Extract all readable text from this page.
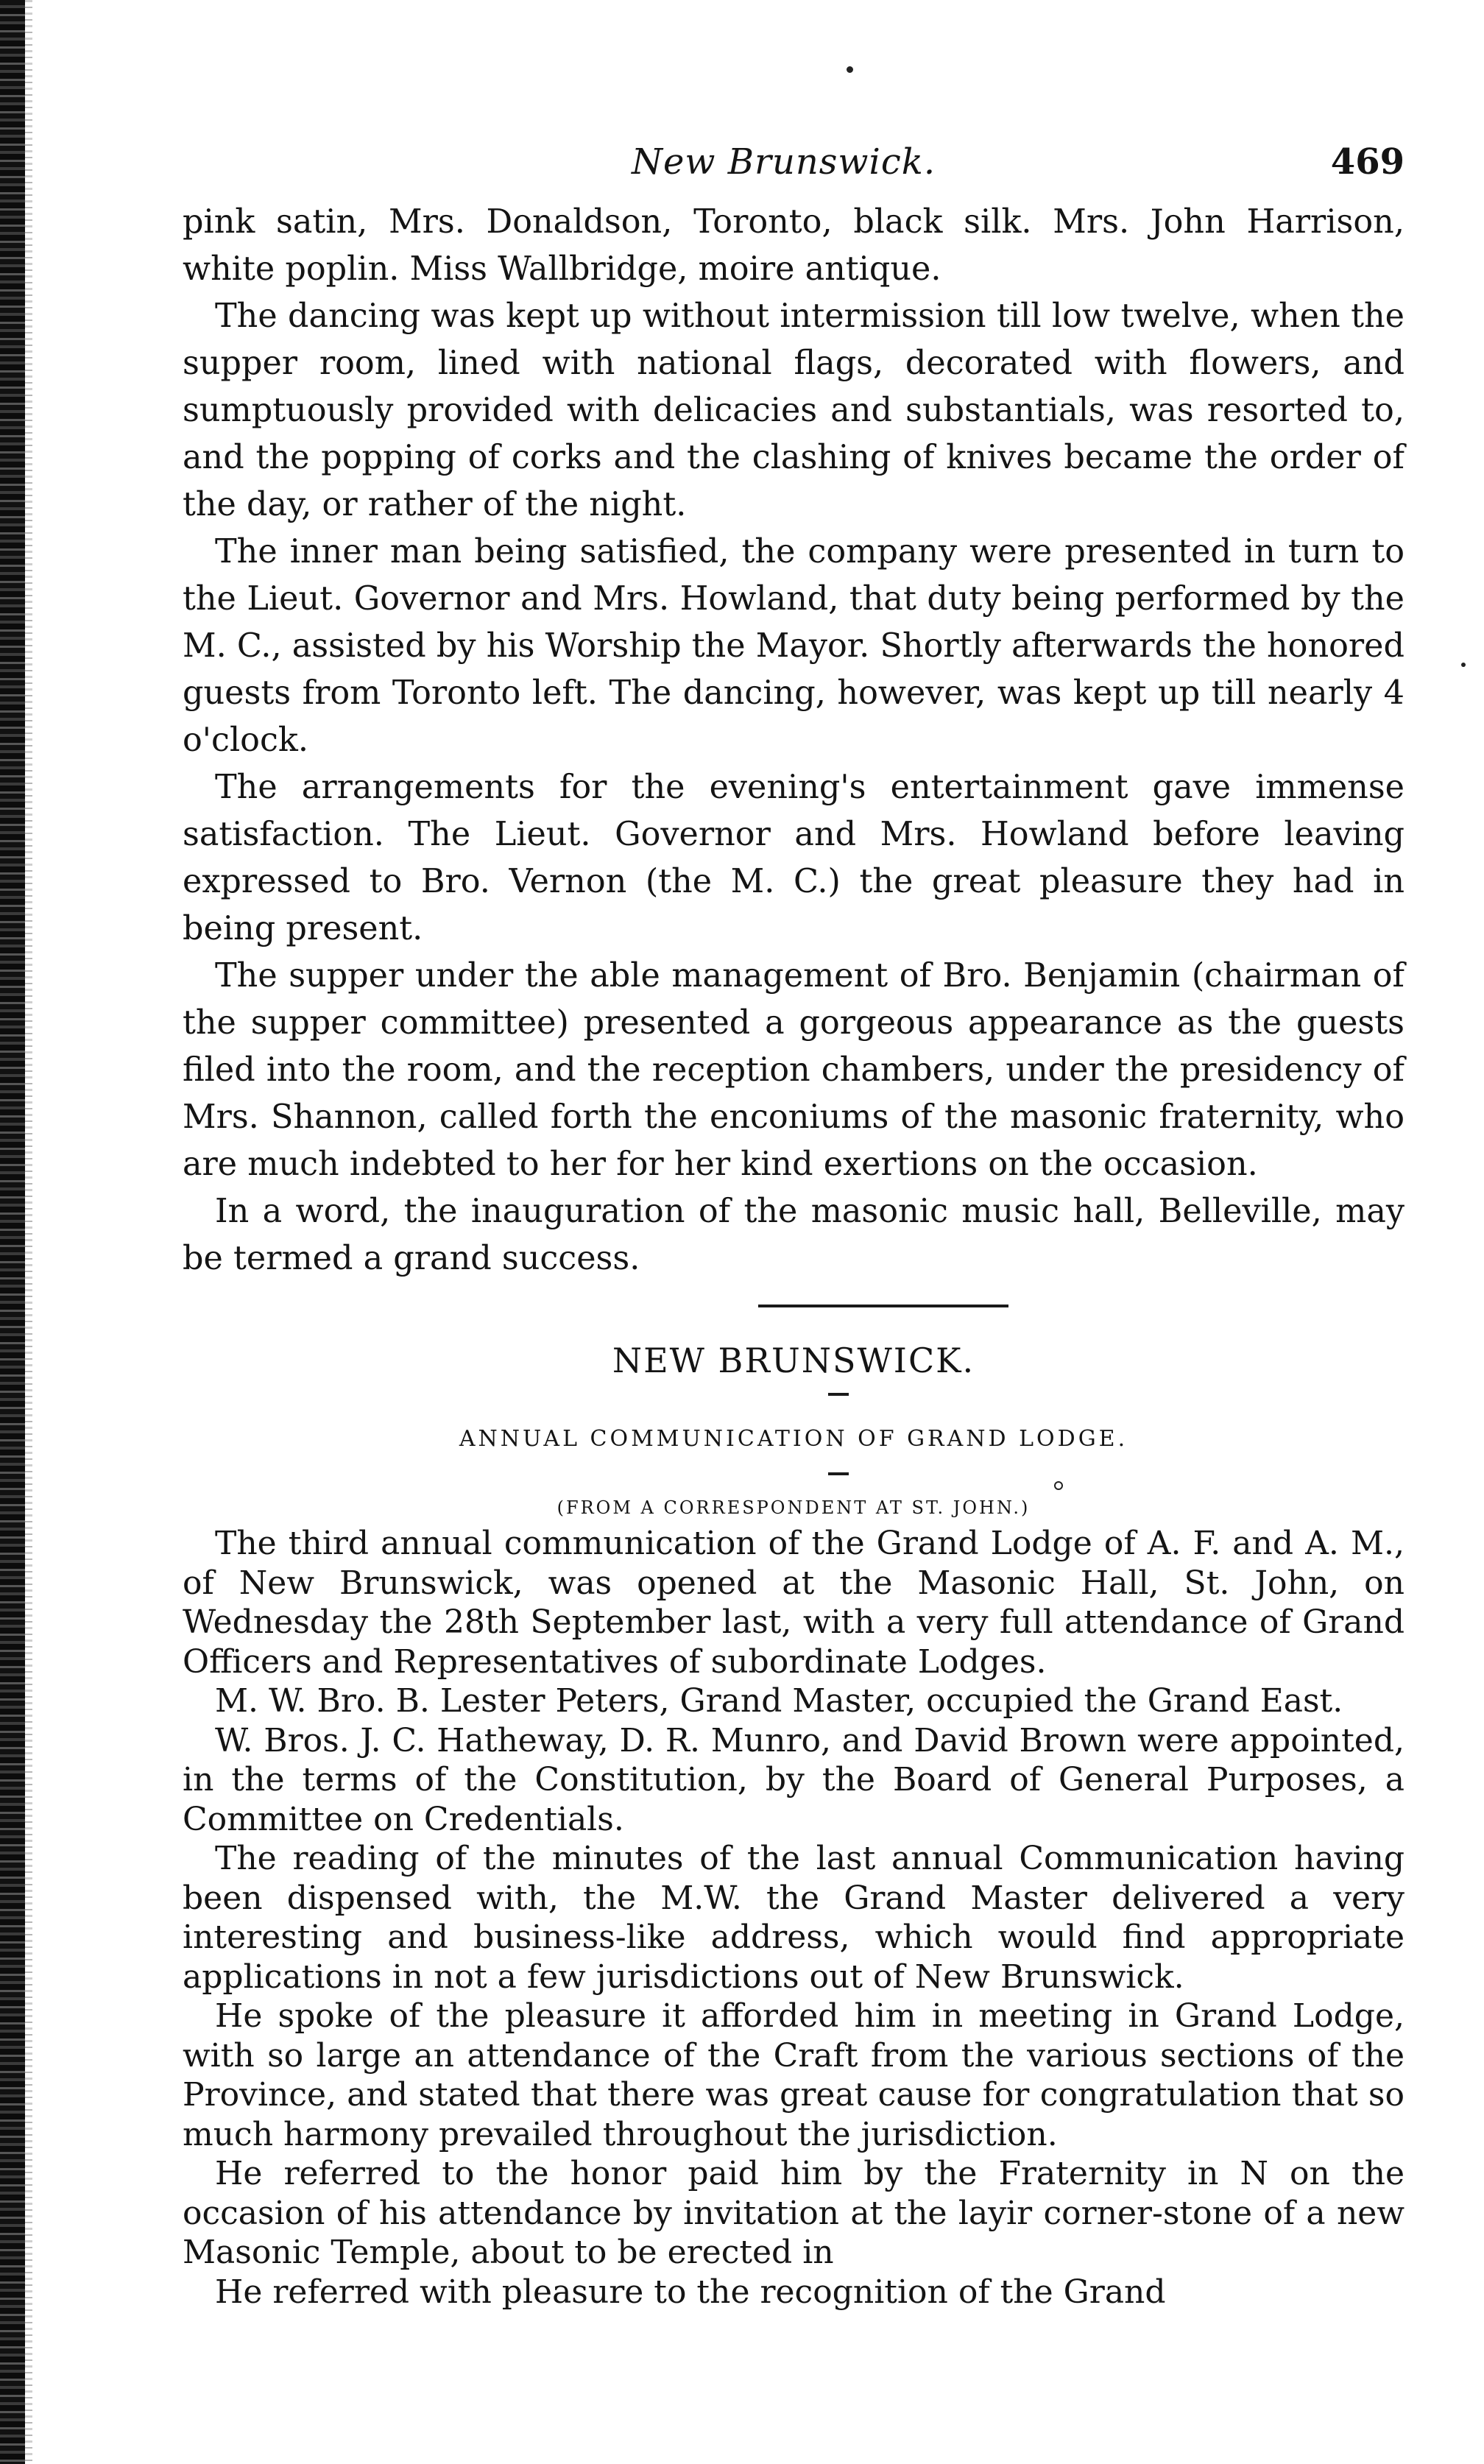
New Brunswick.	469

pink satin, Mrs. Donaldson, Toronto, black silk. Mrs. John Harrison, white poplin. Miss Wallbridge, moire antique.

The dancing was kept up without intermission till low twelve, when the supper room, lined with national flags, decorated with flowers, and sumptuously provided with delicacies and substantials, was resorted to, and the popping of corks and the clashing of knives became the order of the day, or rather of the night.

The inner man being satisfied, the company were presented in turn to the Lieut. Governor and Mrs. Howland, that duty being performed by the M. C., assisted by his Worship the Mayor. Shortly afterwards the honored guests from Toronto left. The dancing, however, was kept up till nearly 4 o'clock.

The arrangements for the evening's entertainment gave immense satisfaction. The Lieut. Governor and Mrs. Howland before leaving expressed to Bro. Vernon (the M. C.) the great pleasure they had in being present.

The supper under the able management of Bro. Benjamin (chairman of the supper committee) presented a gorgeous appearance as the guests filed into the room, and the reception chambers, under the presidency of Mrs. Shannon, called forth the enconiums of the masonic fraternity, who are much indebted to her for her kind exertions on the occasion.

In a word, the inauguration of the masonic music hall, Belleville, may be termed a grand success.

NEW BRUNSWICK.
ANNUAL COMMUNICATION OF GRAND LODGE.
(FROM A CORRESPONDENT AT ST. JOHN.)

The third annual communication of the Grand Lodge of A. F. and A. M., of New Brunswick, was opened at the Masonic Hall, St. John, on Wednesday the 28th September last, with a very full attendance of Grand Officers and Representatives of subordinate Lodges.

M. W. Bro. B. Lester Peters, Grand Master, occupied the Grand East.

W. Bros. J. C. Hatheway, D. R. Munro, and David Brown were appointed, in the terms of the Constitution, by the Board of General Purposes, a Committee on Credentials.

The reading of the minutes of the last annual Communication having been dispensed with, the M.W. the Grand Master delivered a very interesting and business-like address, which would find appropriate applications in not a few jurisdictions out of New Brunswick.

He spoke of the pleasure it afforded him in meeting in Grand Lodge, with so large an attendance of the Craft from the various sections of the Province, and stated that there was great cause for congratulation that so much harmony prevailed throughout the jurisdiction.

He referred to the honor paid him by the Fraternity in N on the occasion of his attendance by invitation at the layir corner-stone of a new Masonic Temple, about to be erected in

He referred with pleasure to the recognition of the Grand
